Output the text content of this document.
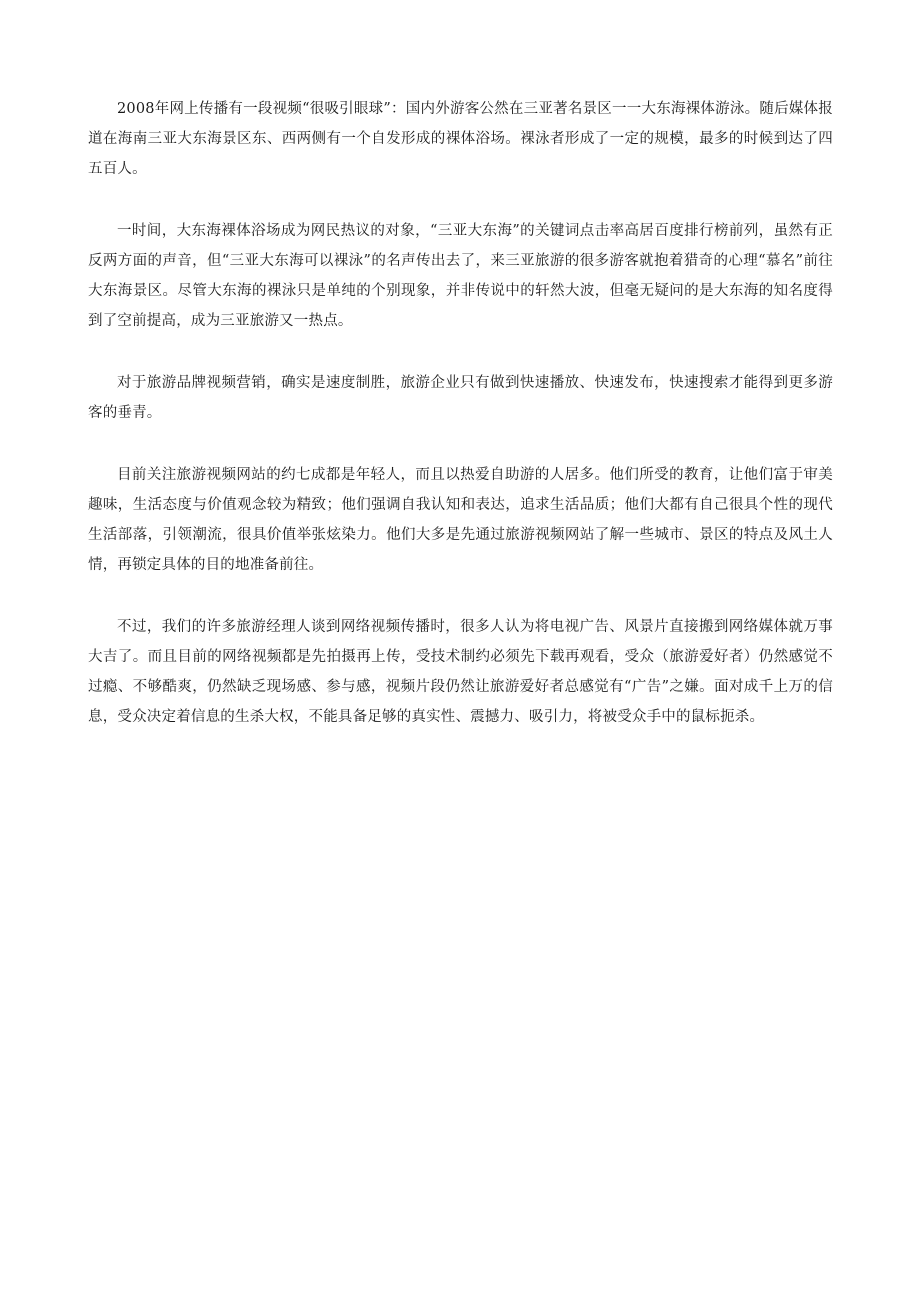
2008年网上传播有一段视频“很吸引眼球”：国内外游客公然在三亚著名景区一一大东海裸体游泳。随后媒体报道在海南三亚大东海景区东、西两侧有一个自发形成的裸体浴场。裸泳者形成了一定的规模，最多的时候到达了四五百人。

一时间，大东海裸体浴场成为网民热议的对象，“三亚大东海”的关键词点击率高居百度排行榜前列，虽然有正反两方面的声音，但“三亚大东海可以裸泳”的名声传出去了，来三亚旅游的很多游客就抱着猎奇的心理“慕名”前往大东海景区。尽管大东海的裸泳只是单纯的个别现象，并非传说中的轩然大波，但毫无疑问的是大东海的知名度得到了空前提高，成为三亚旅游又一热点。

对于旅游品牌视频营销，确实是速度制胜，旅游企业只有做到快速播放、快速发布，快速搜索才能得到更多游客的垂青。

目前关注旅游视频网站的约七成都是年轻人，而且以热爱自助游的人居多。他们所受的教育，让他们富于审美趣味，生活态度与价值观念较为精致；他们强调自我认知和表达，追求生活品质；他们大都有自己很具个性的现代生活部落，引领潮流，很具价值举张炫染力。他们大多是先通过旅游视频网站了解一些城市、景区的特点及风土人情，再锁定具体的目的地准备前往。

不过，我们的许多旅游经理人谈到网络视频传播时，很多人认为将电视广告、风景片直接搬到网络媒体就万事大吉了。而且目前的网络视频都是先拍摄再上传，受技术制约必须先下载再观看，受众（旅游爱好者）仍然感觉不过瘾、不够酷爽，仍然缺乏现场感、参与感，视频片段仍然让旅游爱好者总感觉有“广告”之嫌。面对成千上万的信息，受众决定着信息的生杀大权，不能具备足够的真实性、震撼力、吸引力，将被受众手中的鼠标扼杀。
